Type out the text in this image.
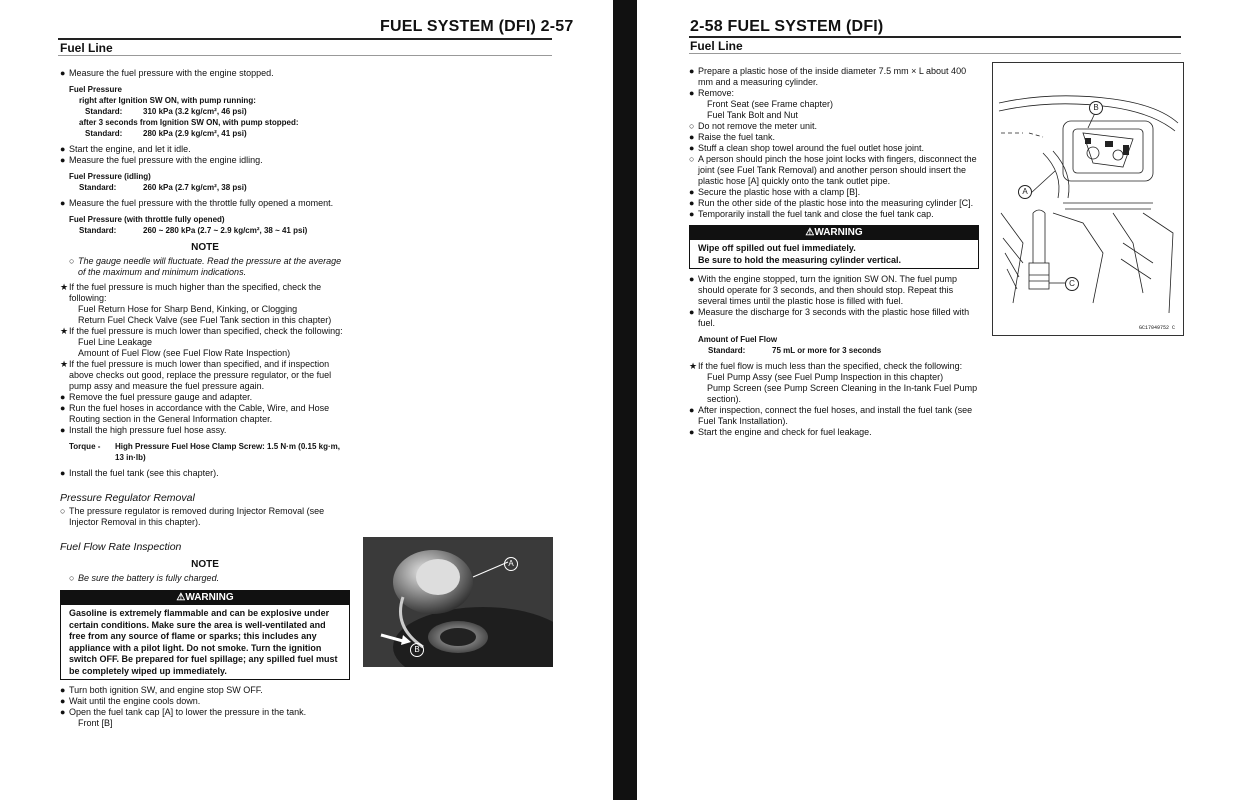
FUEL SYSTEM (DFI) 2-57
Fuel Line
● Measure the fuel pressure with the engine stopped.
Fuel Pressure
right after Ignition SW ON, with pump running:
Standard:	310 kPa (3.2 kg/cm², 46 psi)
after 3 seconds from Ignition SW ON, with pump stopped:
Standard:	280 kPa (2.9 kg/cm², 41 psi)
● Start the engine, and let it idle.
● Measure the fuel pressure with the engine idling.
Fuel Pressure (idling)
Standard:	260 kPa (2.7 kg/cm², 38 psi)
● Measure the fuel pressure with the throttle fully opened a moment.
Fuel Pressure (with throttle fully opened)
Standard:	260 ~ 280 kPa (2.7 ~ 2.9 kg/cm², 38 ~ 41 psi)
NOTE
○ The gauge needle will fluctuate. Read the pressure at the average of the maximum and minimum indications.
★ If the fuel pressure is much higher than the specified, check the following:
Fuel Return Hose for Sharp Bend, Kinking, or Clogging
Return Fuel Check Valve (see Fuel Tank section in this chapter)
★ If the fuel pressure is much lower than specified, check the following:
Fuel Line Leakage
Amount of Fuel Flow (see Fuel Flow Rate Inspection)
★ If the fuel pressure is much lower than specified, and if inspection above checks out good, replace the pressure regulator, or the fuel pump assy and measure the fuel pressure again.
● Remove the fuel pressure gauge and adapter.
● Run the fuel hoses in accordance with the Cable, Wire, and Hose Routing section in the General Information chapter.
● Install the high pressure fuel hose assy.
Torque -	High Pressure Fuel Hose Clamp Screw: 1.5 N·m (0.15 kg·m, 13 in·lb)
● Install the fuel tank (see this chapter).
Pressure Regulator Removal
○ The pressure regulator is removed during Injector Removal (see Injector Removal in this chapter).
Fuel Flow Rate Inspection
NOTE
○ Be sure the battery is fully charged.
⚠WARNING
Gasoline is extremely flammable and can be explosive under certain conditions. Make sure the area is well-ventilated and free from any source of flame or sparks; this includes any appliance with a pilot light. Do not smoke. Turn the ignition switch OFF. Be prepared for fuel spillage; any spilled fuel must be completely wiped up immediately.
● Turn both ignition SW, and engine stop SW OFF.
● Wait until the engine cools down.
● Open the fuel tank cap [A] to lower the pressure in the tank.
Front [B]
A
B
2-58 FUEL SYSTEM (DFI)
Fuel Line
● Prepare a plastic hose of the inside diameter 7.5 mm × L about 400 mm and a measuring cylinder.
● Remove:
Front Seat (see Frame chapter)
Fuel Tank Bolt and Nut
○ Do not remove the meter unit.
● Raise the fuel tank.
● Stuff a clean shop towel around the fuel outlet hose joint.
○ A person should pinch the hose joint locks with fingers, disconnect the joint (see Fuel Tank Removal) and another person should insert the plastic hose [A] quickly onto the tank outlet pipe.
● Secure the plastic hose with a clamp [B].
● Run the other side of the plastic hose into the measuring cylinder [C].
● Temporarily install the fuel tank and close the fuel tank cap.
⚠WARNING
Wipe off spilled out fuel immediately.
Be sure to hold the measuring cylinder vertical.
● With the engine stopped, turn the ignition SW ON. The fuel pump should operate for 3 seconds, and then should stop. Repeat this several times until the plastic hose is filled with fuel.
● Measure the discharge for 3 seconds with the plastic hose filled with fuel.
Amount of Fuel Flow
Standard:	75 mL or more for 3 seconds
★ If the fuel flow is much less than the specified, check the following:
Fuel Pump Assy (see Fuel Pump Inspection in this chapter)
Pump Screen (see Pump Screen Cleaning in the In-tank Fuel Pump section).
● After inspection, connect the fuel hoses, and install the fuel tank (see Fuel Tank Installation).
● Start the engine and check for fuel leakage.
A
B
C
GC17049752 C
